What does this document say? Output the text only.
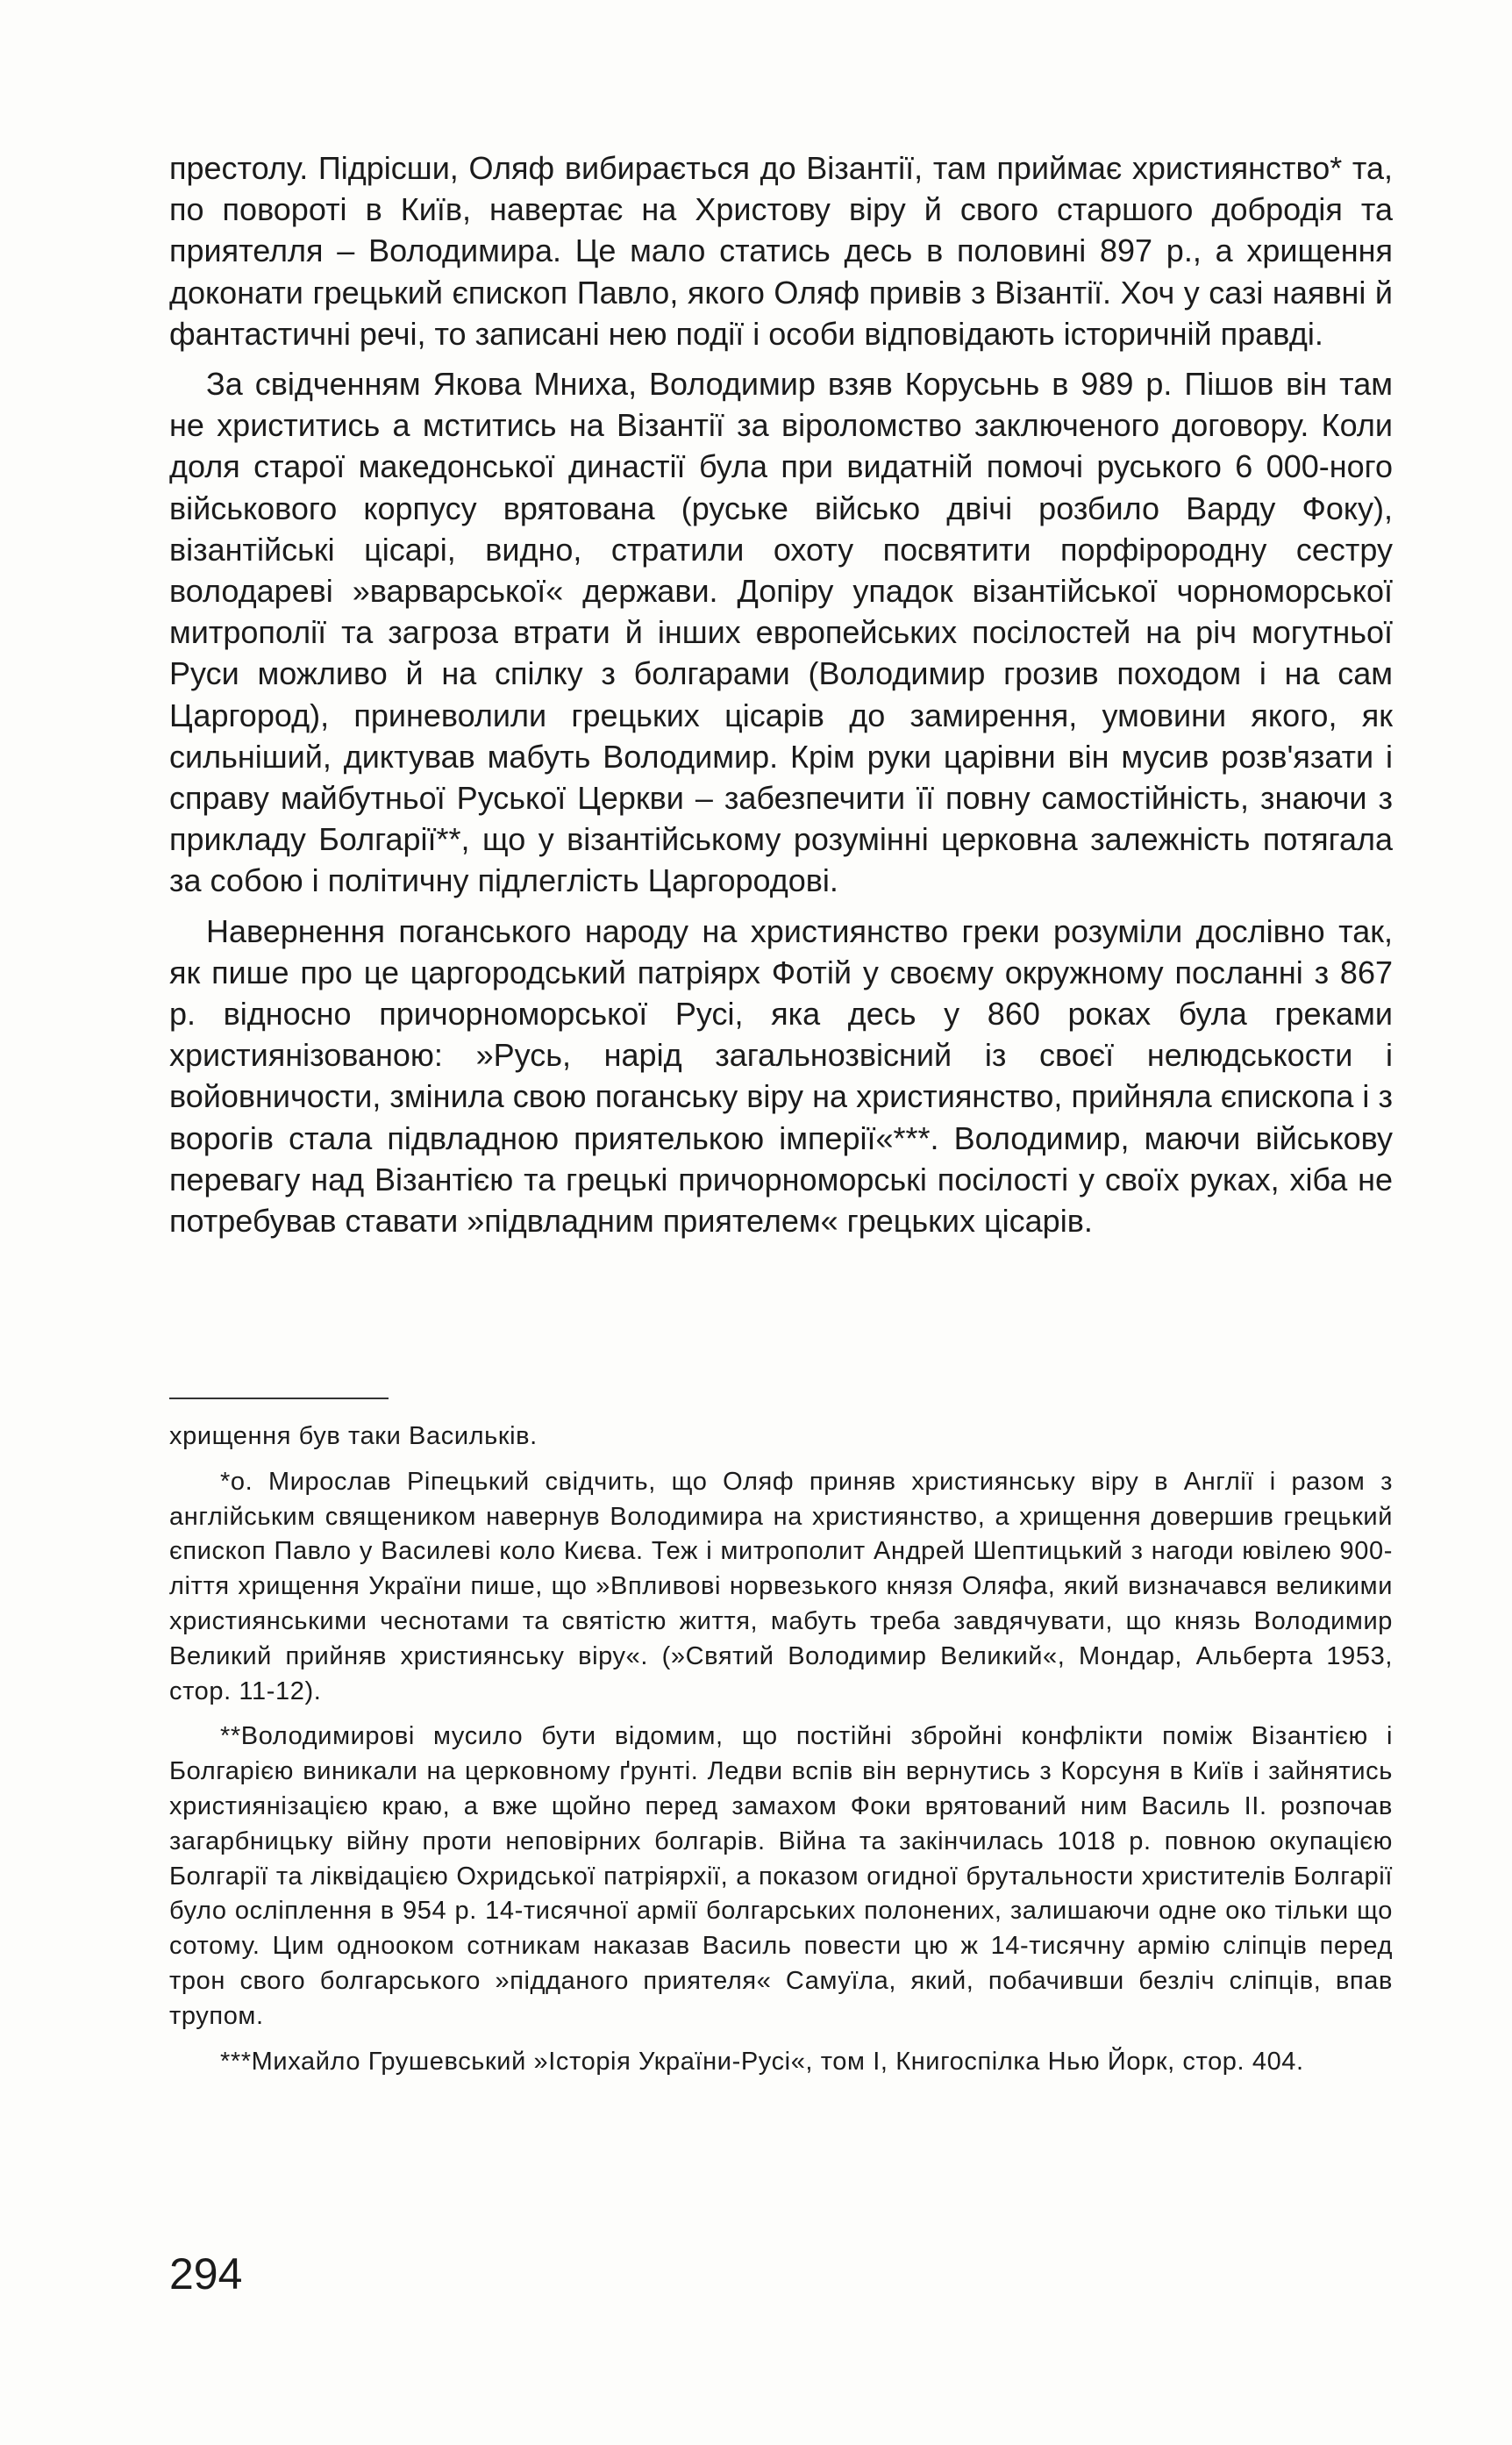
престолу. Підрісши, Оляф вибирається до Візантії, там приймає християнство* та, по повороті в Київ, навертає на Христову віру й свого старшого добродія та приятелля – Володимира. Це мало статись десь в половині 897 р., а хрищення доконати грецький єпископ Павло, якого Оляф привів з Візантії. Хоч у сазі наявні й фантастичні речі, то записані нею події і особи відповідають історичній правді.

За свідченням Якова Мниха, Володимир взяв Корусьнь в 989 р. Пішов він там не христитись а мститись на Візантії за віроломство заключеного договору. Коли доля старої македонської династії була при видатній помочі руського 6 000-ного військового корпусу врятована (руське військо двічі розбило Варду Фоку), візантійські цісарі, видно, стратили охоту посвятити порфірородну сестру володареві »варварської« держави. Допіру упадок візантійської чорноморської митрополії та загроза втрати й інших европейських посілостей на річ могутньої Руси можливо й на спілку з болгарами (Володимир грозив походом і на сам Царгород), приневолили грецьких цісарів до замирення, умовини якого, як сильніший, диктував мабуть Володимир. Крім руки царівни він мусив розв'язати і справу майбутньої Руської Церкви – забезпечити її повну самостійність, знаючи з прикладу Болгарії**, що у візантійському розумінні церковна залежність потягала за собою і політичну підлеглість Царгородові.

Навернення поганського народу на християнство греки розуміли дослівно так, як пише про це царгородський патріярх Фотій у своєму окружному посланні з 867 р. відносно причорноморської Русі, яка десь у 860 роках була греками християнізованою: »Русь, нарід загальнозвісний із своєї нелюдськости і войовничости, змінила свою поганську віру на християнство, прийняла єпископа і з ворогів стала підвладною приятелькою імперії«***. Володимир, маючи військову перевагу над Візантією та грецькі причорноморські посілості у своїх руках, хіба не потребував ставати »підвладним приятелем« грецьких цісарів.

хрищення був таки Васильків.

*о. Мирослав Ріпецький свідчить, що Оляф приняв християнську віру в Англії і разом з англійським священиком навернув Володимира на християнство, а хрищення довершив грецький єпископ Павло у Василеві коло Києва. Теж і митрополит Андрей Шептицький з нагоди ювілею 900-ліття хрищення України пише, що »Впливові норвезького князя Оляфа, який визначався великими християнськими чеснотами та святістю життя, мабуть треба завдячувати, що князь Володимир Великий прийняв християнську віру«. (»Святий Володимир Великий«, Мондар, Альберта 1953, стор. 11-12).

**Володимирові мусило бути відомим, що постійні збройні конфлікти поміж Візантією і Болгарією виникали на церковному ґрунті. Ледви вспів він вернутись з Корсуня в Київ і зайнятись християнізацією краю, а вже щойно перед замахом Фоки врятований ним Василь ІІ. розпочав загарбницьку війну проти неповірних болгарів. Війна та закінчилась 1018 р. повною окупацією Болгарії та ліквідацією Охридської патріярхії, а показом огидної брутальности христителів Болгарії було осліплення в 954 р. 14-тисячної армії болгарських полонених, залишаючи одне око тільки що сотому. Цим одноокoм сотникам наказав Василь повести цю ж 14-тисячну армію сліпців перед трон свого болгарського »підданого приятеля« Самуїла, який, побачивши безліч сліпців, впав трупом.

***Михайло Грушевський »Історія України-Русі«, том І, Книгоспілка Нью Йорк, стор. 404.

294
